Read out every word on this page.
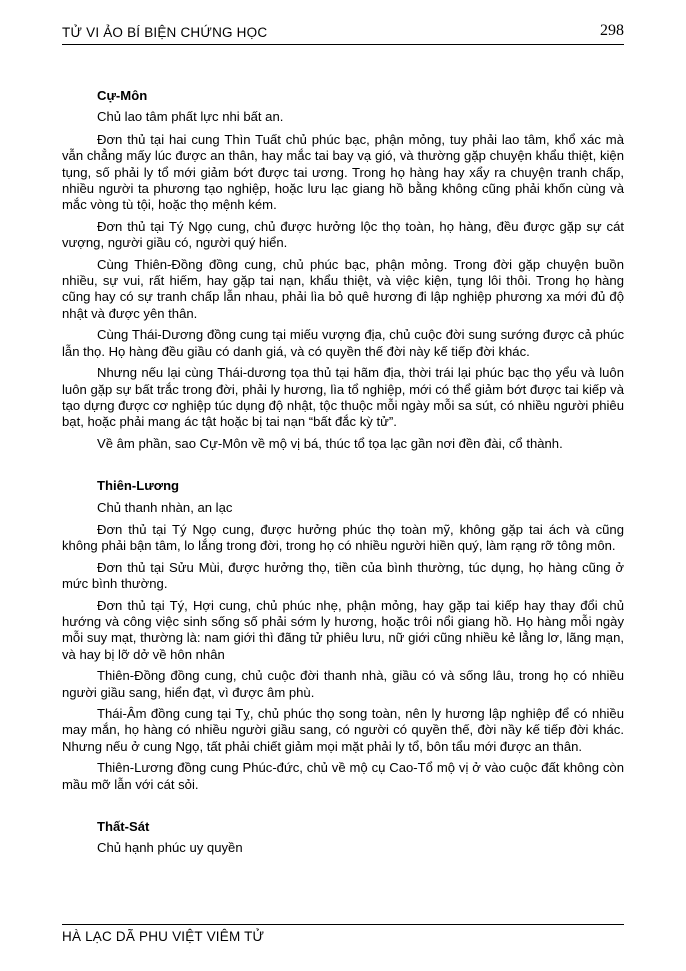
TỬ VI ẢO BÍ BIỆN CHỨNG HỌC	298
Cự-Môn

Chủ lao tâm phất lực nhi bất an.

Đơn thủ tại hai cung Thìn Tuất chủ phúc bạc, phận mỏng, tuy phải lao tâm, khổ xác mà vẫn chẳng mấy lúc được an thân, hay mắc tai bay vạ gió, và thường gặp chuyện khẩu thiệt, kiện tụng, số phải ly tổ mới giảm bớt được tai ương. Trong họ hàng hay xẩy ra chuyện tranh chấp, nhiều người ta phương tạo nghiệp, hoặc lưu lạc giang hồ bằng không cũng phải khốn cùng và mắc vòng tù tội, hoặc thọ mệnh kém.

Đơn thủ tại Tý Ngọ cung, chủ được hưởng lộc thọ toàn, họ hàng, đều được gặp sự cát vượng, người giầu có, người quý hiển.

Cùng Thiên-Đồng đồng cung, chủ phúc bạc, phận mỏng. Trong đời gặp chuyện buồn nhiều, sự vui, rất hiếm, hay gặp tai nạn, khẩu thiệt, và việc kiện, tụng lôi thôi. Trong họ hàng cũng hay có sự tranh chấp lẫn nhau, phải lìa bỏ quê hương đi lập nghiệp phương xa mới đủ độ nhật và được yên thân.

Cùng Thái-Dương đồng cung tại miếu vượng địa, chủ cuộc đời sung sướng được cả phúc lẫn thọ. Họ hàng đều giầu có danh giá, và có quyền thế đời này kế tiếp đời khác.

Nhưng nếu lại cùng Thái-dương tọa thủ tại hãm địa, thời trái lại phúc bạc thọ yểu và luôn luôn gặp sự bất trắc trong đời, phải ly hương, lìa tổ nghiệp, mới có thể giảm bớt được tai kiếp và tạo dựng được cơ nghiệp túc dụng độ nhật, tộc thuộc mỗi ngày mỗi sa sút, có nhiều người phiêu bạt, hoặc phải mang ác tật hoặc bị tai nạn “bất đắc kỳ tử”.

Về âm phần, sao Cự-Môn về mộ vị bá, thúc tổ tọa lạc gần nơi đền đài, cổ thành.

Thiên-Lương

Chủ thanh nhàn, an lạc

Đơn thủ tại Tý Ngọ cung, được hưởng phúc thọ toàn mỹ, không gặp tai ách và cũng không phải bận tâm, lo lắng trong đời, trong họ có nhiều người hiền quý, làm rạng rỡ tông môn.

Đơn thủ tại Sửu Mùi, được hưởng thọ, tiền của bình thường, túc dụng, họ hàng cũng ở mức bình thường.

Đơn thủ tại Tý, Hợi cung, chủ phúc nhẹ, phận mỏng, hay gặp tai kiếp hay thay đổi chủ hướng và công việc sinh sống số phải sớm ly hương, hoặc trôi nổi giang hồ. Họ hàng mỗi ngày mỗi suy mạt, thường là: nam giới thì đãng tử phiêu lưu, nữ giới cũng nhiều kẻ lẳng lơ, lãng mạn, và hay bị lỡ dở về hôn nhân

Thiên-Đồng đồng cung, chủ cuộc đời thanh nhà, giầu có và sống lâu, trong họ có nhiều người giầu sang, hiển đạt, vì được âm phù.

Thái-Âm đồng cung tại Tỵ, chủ phúc thọ song toàn, nên ly hương lập nghiệp để có nhiều may mắn, họ hàng có nhiều người giầu sang, có người có quyền thế, đời nầy kế tiếp đời khác. Nhưng nếu ở cung Ngọ, tất phải chiết giảm mọi mặt phải ly tổ, bôn tẩu mới được an thân.

Thiên-Lương đồng cung Phúc-đức, chủ về mộ cụ Cao-Tổ mộ vị ở vào cuộc đất không còn mầu mỡ lẫn với cát sỏi.

Thất-Sát

Chủ hạnh phúc uy quyền

HÀ LẠC DÃ PHU VIỆT VIÊM TỬ
